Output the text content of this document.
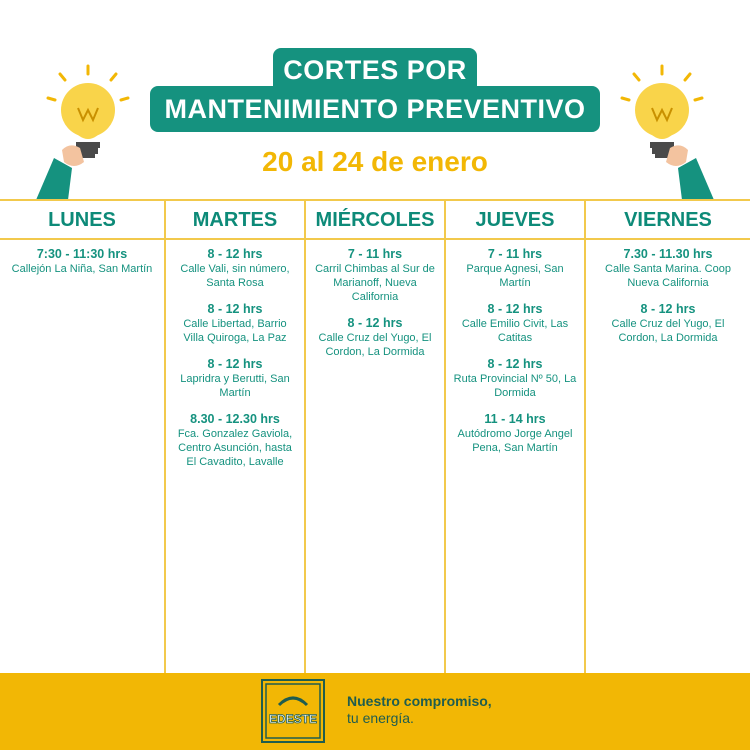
CORTES POR
MANTENIMIENTO PREVENTIVO
20 al 24 de enero
LUNES
7:30 - 11:30 hrs
Callejón La Niña, San Martín
MARTES
8 - 12 hrs
Calle Vali, sin número, Santa Rosa
8 - 12 hrs
Calle Libertad, Barrio Villa Quiroga, La Paz
8 - 12 hrs
Lapridra y Berutti, San Martín
8.30 - 12.30 hrs
Fca. Gonzalez Gaviola, Centro Asunción, hasta El Cavadito, Lavalle
MIÉRCOLES
7 - 11 hrs
Carril Chimbas al Sur de Marianoff, Nueva California
8 - 12 hrs
Calle Cruz del Yugo, El Cordon, La Dormida
JUEVES
7 - 11 hrs
Parque Agnesi, San Martín
8 - 12 hrs
Calle Emilio Civit, Las Catitas
8 - 12 hrs
Ruta Provincial Nº 50, La Dormida
11 - 14 hrs
Autódromo Jorge Angel Pena, San Martín
VIERNES
7.30 - 11.30 hrs
Calle Santa Marina. Coop Nueva California
8 - 12 hrs
Calle Cruz del Yugo, El Cordon, La Dormida
EDESTE
Nuestro compromiso,
tu energía.
